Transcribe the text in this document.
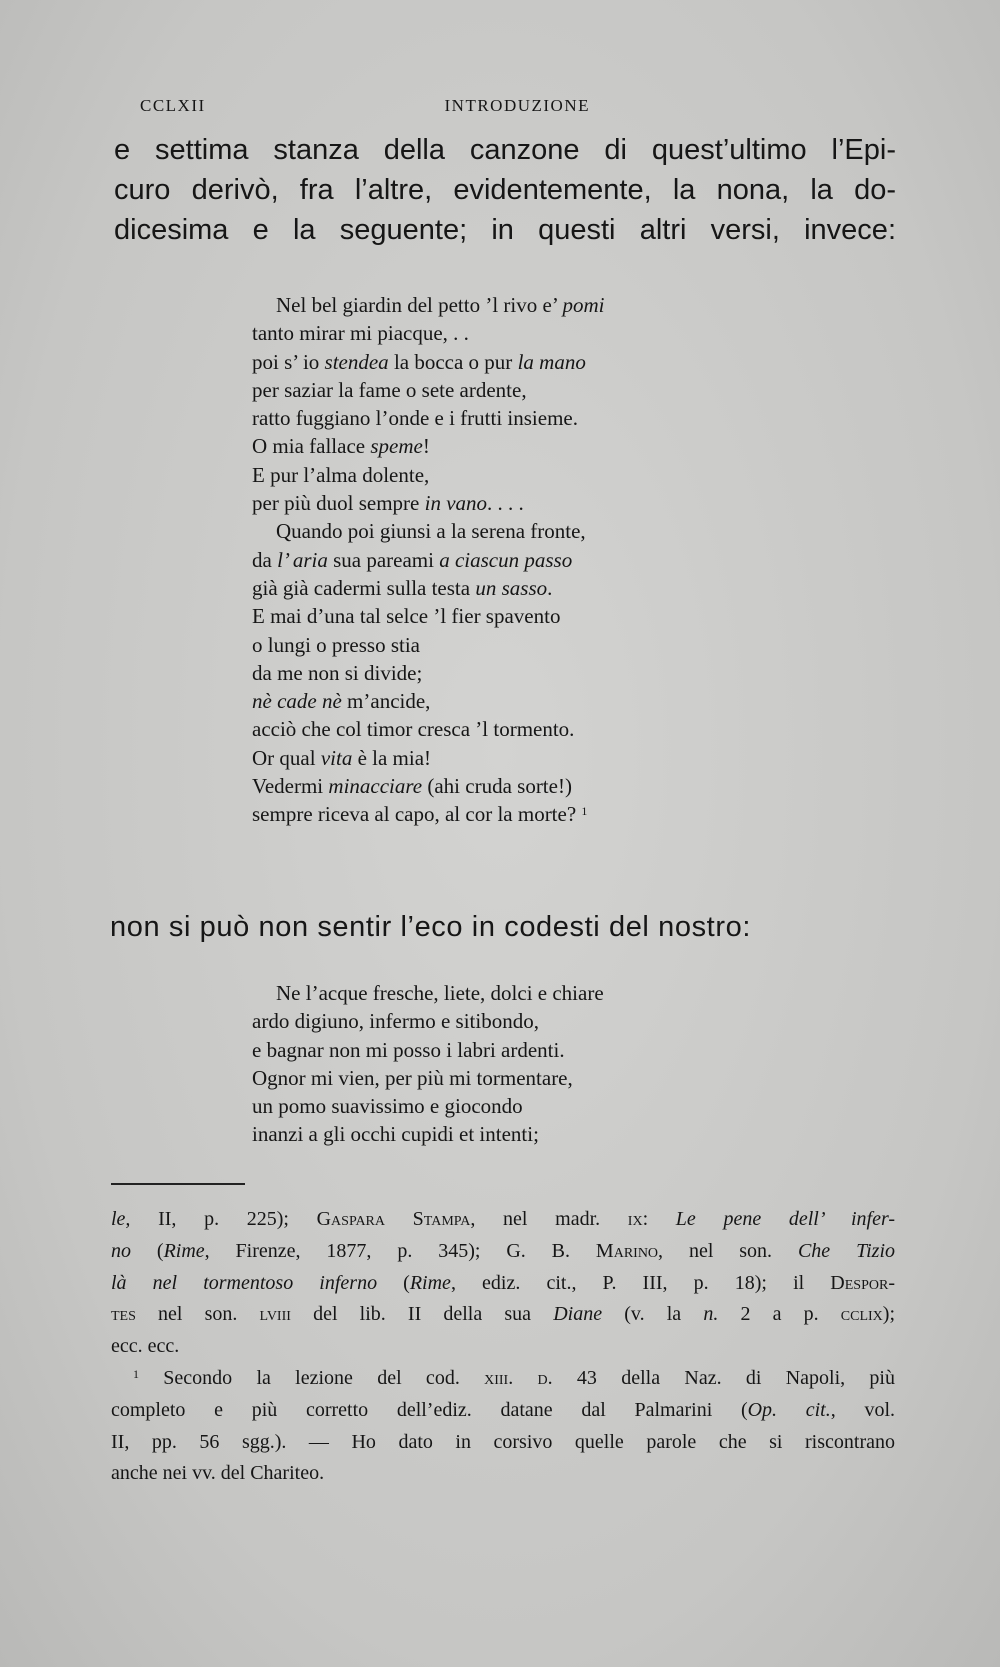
CCLXII	INTRODUZIONE
e settima stanza della canzone di quest’ultimo l’Epi-
curo derivò, fra l’altre, evidentemente, la nona, la do-
dicesima e la seguente; in questi altri versi, invece:
Nel bel giardin del petto ’l rivo e’ pomi
tanto mirar mi piacque, . .
poi s’ io stendea la bocca o pur la mano
per saziar la fame o sete ardente,
ratto fuggiano l’onde e i frutti insieme.
O mia fallace speme!
E pur l’alma dolente,
per più duol sempre in vano. . . .
Quando poi giunsi a la serena fronte,
da l’ aria sua pareami a ciascun passo
già già cadermi sulla testa un sasso.
E mai d’una tal selce ’l fier spavento
o lungi o presso stia
da me non si divide;
nè cade nè m’ancide,
acciò che col timor cresca ’l tormento.
Or qual vita è la mia!
Vedermi minacciare (ahi cruda sorte!)
sempre riceva al capo, al cor la morte? $^1$
non si può non sentir l’eco in codesti del nostro:
Ne l’acque fresche, liete, dolci e chiare
ardo digiuno, infermo e sitibondo,
e bagnar non mi posso i labri ardenti.
Ognor mi vien, per più mi tormentare,
un pomo suavissimo e giocondo
inanzi a gli occhi cupidi et intenti;
le, II, p. 225); Gaspara Stampa, nel madr. ix: Le pene dell’ infer-
no (Rime, Firenze, 1877, p. 345); G. B. Marino, nel son. Che Tizio
là nel tormentoso inferno (Rime, ediz. cit., P. III, p. 18); il Despor-
tes nel son. lviii del lib. II della sua Diane (v. la n. 2 a p. cclix);
ecc. ecc.
$^1$ Secondo la lezione del cod. xiii. d. 43 della Naz. di Napoli, più
completo e più corretto dell’ediz. datane dal Palmarini (Op. cit., vol.
II, pp. 56 sgg.). — Ho dato in corsivo quelle parole che si riscontrano
anche nei vv. del Chariteo.
